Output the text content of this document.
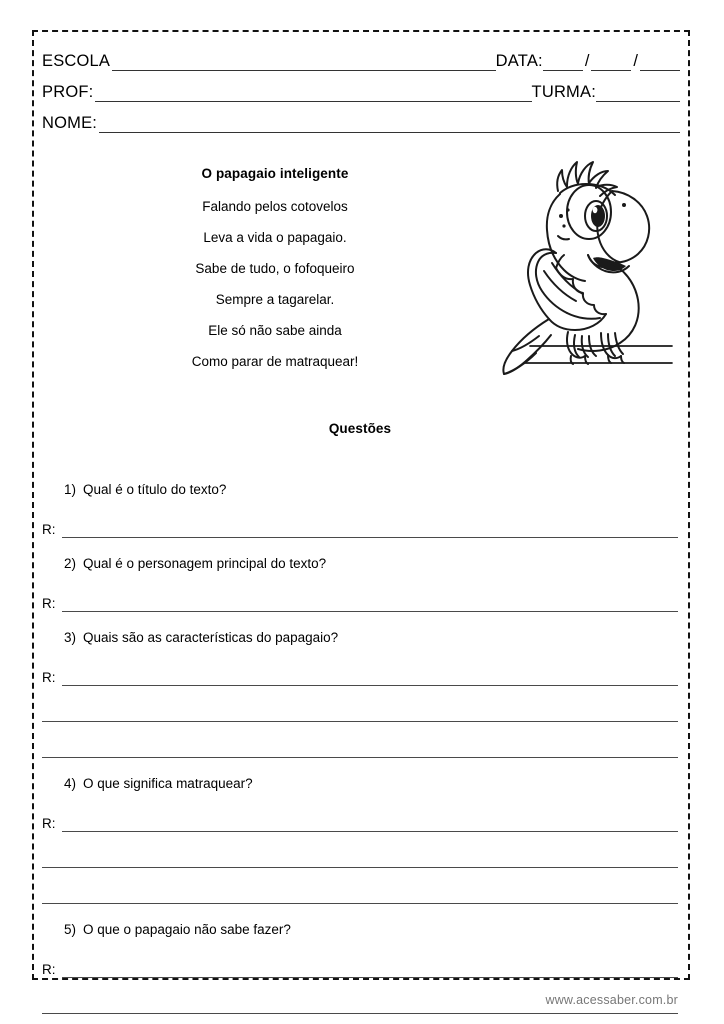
ESCOLA	DATA:	/	/
PROF:	TURMA:
NOME:
O papagaio inteligente
Falando pelos cotovelos
Leva a vida o papagaio.
Sabe de tudo, o fofoqueiro
Sempre a tagarelar.
Ele só não sabe ainda
Como parar de matraquear!
Questões
1) Qual é o título do texto?
R:
2) Qual é o personagem principal do texto?
R:
3) Quais são as características do papagaio?
R:
4) O que significa matraquear?
R:
5) O que o papagaio não sabe fazer?
R:
www.acessaber.com.br
